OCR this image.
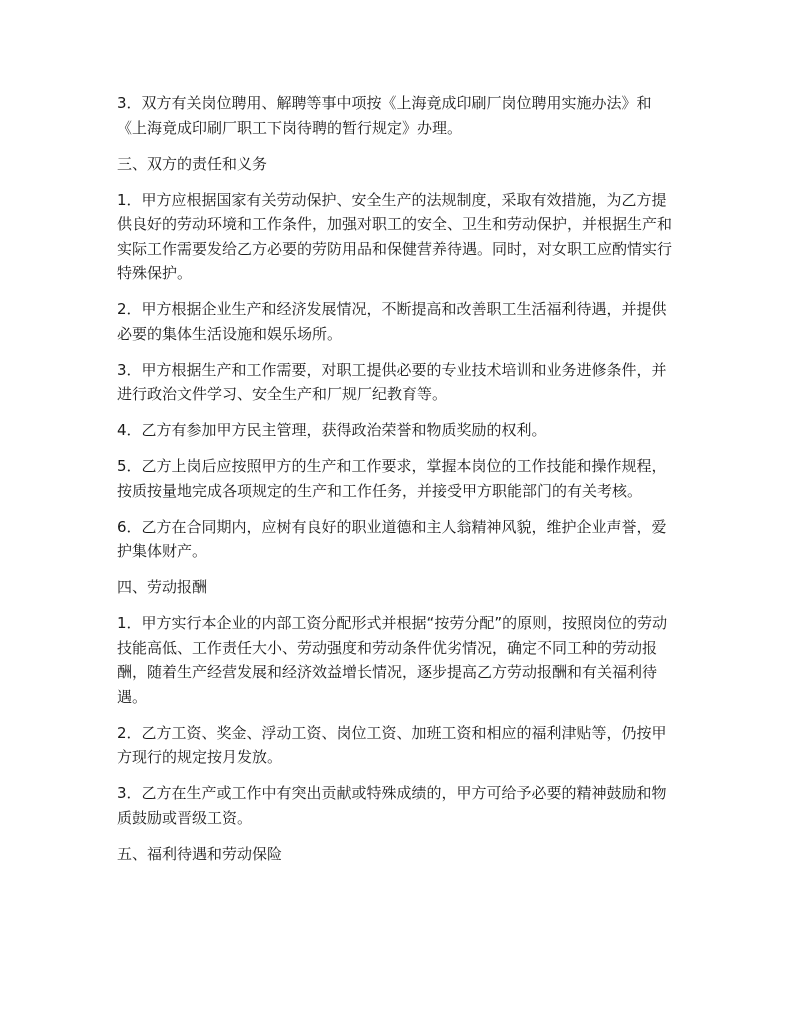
3．双方有关岗位聘用、解聘等事中项按《上海竟成印刷厂岗位聘用实施办法》和《上海竟成印刷厂职工下岗待聘的暂行规定》办理。

三、双方的责任和义务

1．甲方应根据国家有关劳动保护、安全生产的法规制度，采取有效措施，为乙方提供良好的劳动环境和工作条件，加强对职工的安全、卫生和劳动保护，并根据生产和实际工作需要发给乙方必要的劳防用品和保健营养待遇。同时，对女职工应酌情实行特殊保护。

2．甲方根据企业生产和经济发展情况，不断提高和改善职工生活福利待遇，并提供必要的集体生活设施和娱乐场所。

3．甲方根据生产和工作需要，对职工提供必要的专业技术培训和业务进修条件，并进行政治文件学习、安全生产和厂规厂纪教育等。

4．乙方有参加甲方民主管理，获得政治荣誉和物质奖励的权利。

5．乙方上岗后应按照甲方的生产和工作要求，掌握本岗位的工作技能和操作规程，按质按量地完成各项规定的生产和工作任务，并接受甲方职能部门的有关考核。

6．乙方在合同期内，应树有良好的职业道德和主人翁精神风貌，维护企业声誉，爱护集体财产。

四、劳动报酬

1．甲方实行本企业的内部工资分配形式并根据“按劳分配”的原则，按照岗位的劳动技能高低、工作责任大小、劳动强度和劳动条件优劣情况，确定不同工种的劳动报酬，随着生产经营发展和经济效益增长情况，逐步提高乙方劳动报酬和有关福利待遇。

2．乙方工资、奖金、浮动工资、岗位工资、加班工资和相应的福利津贴等，仍按甲方现行的规定按月发放。

3．乙方在生产或工作中有突出贡献或特殊成绩的，甲方可给予必要的精神鼓励和物质鼓励或晋级工资。

五、福利待遇和劳动保险
